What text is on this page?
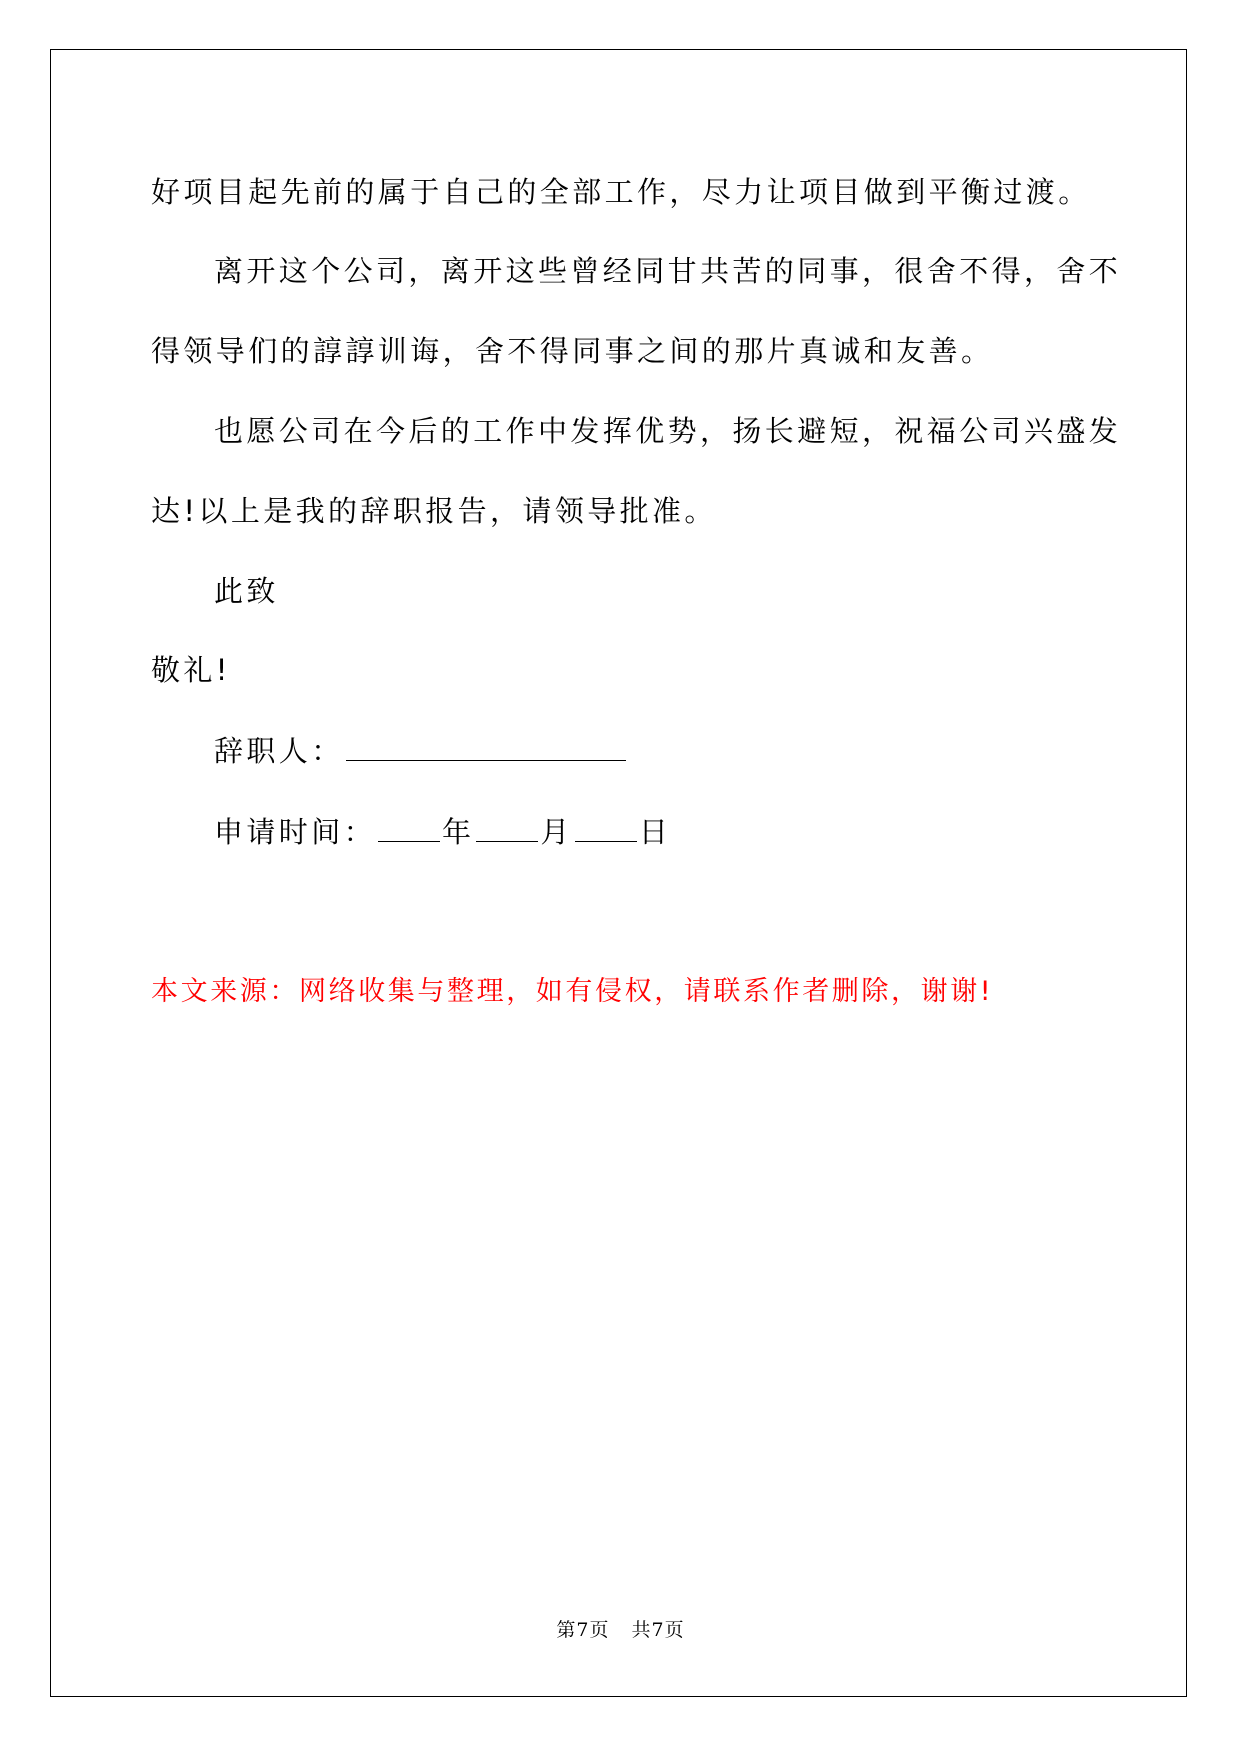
好项目起先前的属于自己的全部工作，尽力让项目做到平衡过渡。
离开这个公司，离开这些曾经同甘共苦的同事，很舍不得，舍不
得领导们的諄諄训诲，舍不得同事之间的那片真诚和友善。
也愿公司在今后的工作中发挥优势，扬长避短，祝福公司兴盛发
达!以上是我的辞职报告，请领导批准。
此致
敬礼!
辞职人：
申请时间： 年 月 日
本文来源：网络收集与整理，如有侵权，请联系作者删除，谢谢!
第7页 共7页
